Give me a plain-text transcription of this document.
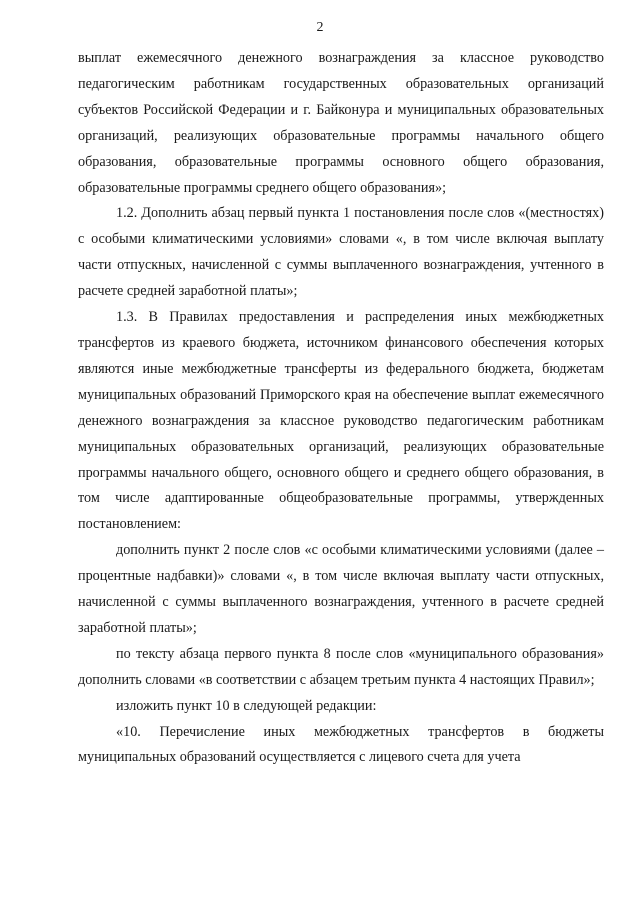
2

выплат ежемесячного денежного вознаграждения за классное руководство педагогическим работникам государственных образовательных организаций субъектов Российской Федерации и г. Байконура и муниципальных образовательных организаций, реализующих образовательные программы начального общего образования, образовательные программы основного общего образования, образовательные программы среднего общего образования»;

1.2. Дополнить абзац первый пункта 1 постановления после слов «(местностях) с особыми климатическими условиями» словами «, в том числе включая выплату части отпускных, начисленной с суммы выплаченного вознаграждения, учтенного в расчете средней заработной платы»;

1.3. В Правилах предоставления и распределения иных межбюджетных трансфертов из краевого бюджета, источником финансового обеспечения которых являются иные межбюджетные трансферты из федерального бюджета, бюджетам муниципальных образований Приморского края на обеспечение выплат ежемесячного денежного вознаграждения за классное руководство педагогическим работникам муниципальных образовательных организаций, реализующих образовательные программы начального общего, основного общего и среднего общего образования, в том числе адаптированные общеобразовательные программы, утвержденных постановлением:

дополнить пункт 2 после слов «с особыми климатическими условиями (далее – процентные надбавки)» словами «, в том числе включая выплату части отпускных, начисленной с суммы выплаченного вознаграждения, учтенного в расчете средней заработной платы»;

по тексту абзаца первого пункта 8 после слов «муниципального образования» дополнить словами «в соответствии с абзацем третьим пункта 4 настоящих Правил»;

изложить пункт 10 в следующей редакции:

«10. Перечисление иных межбюджетных трансфертов в бюджеты муниципальных образований осуществляется с лицевого счета для учета
